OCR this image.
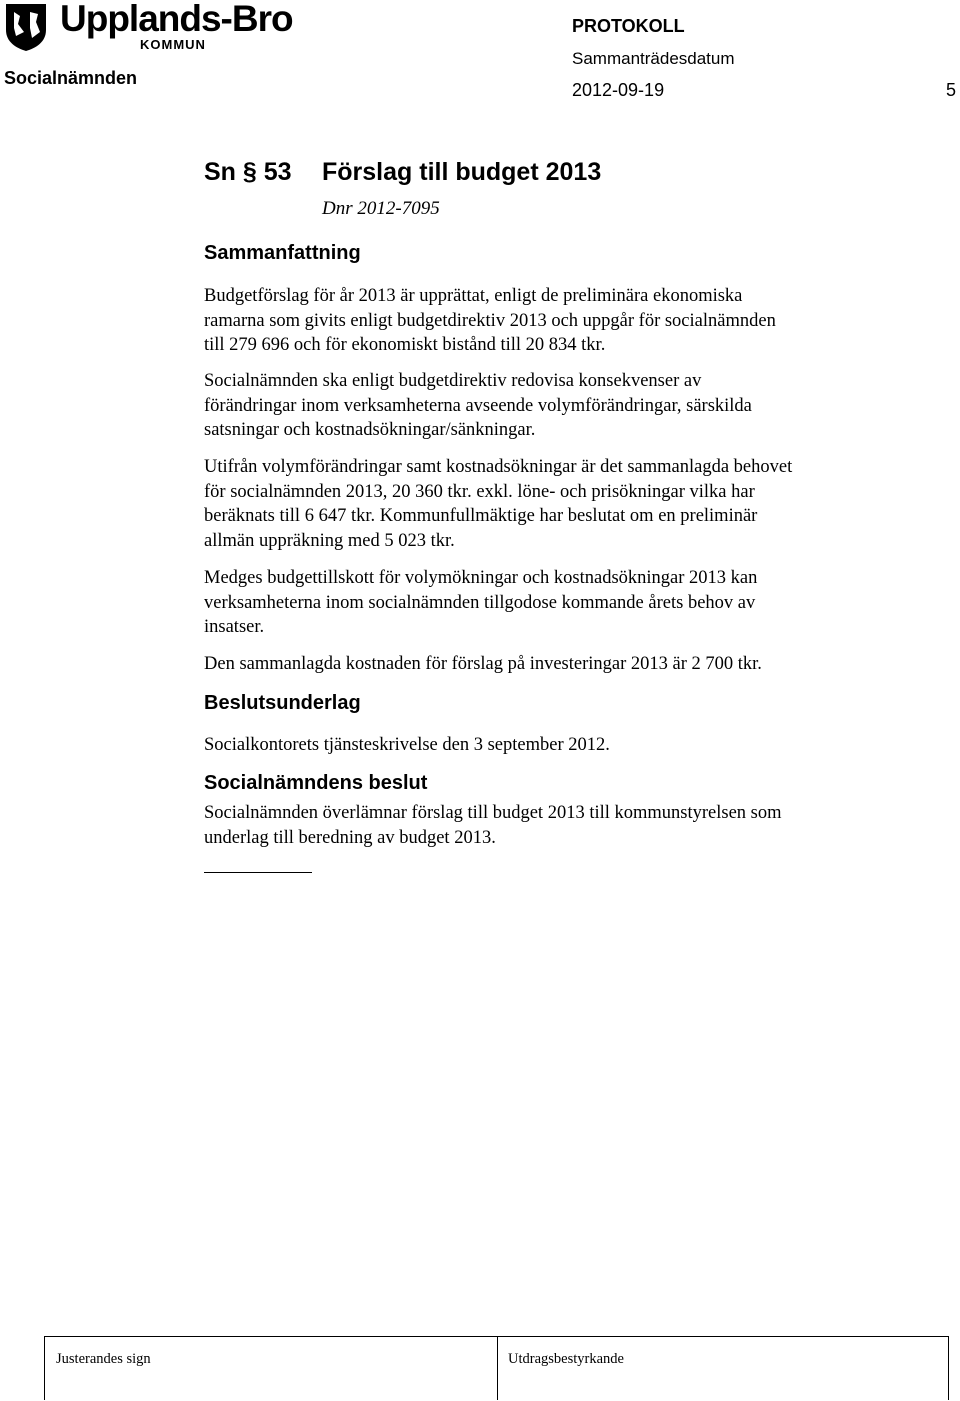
Upplands-Bro
KOMMUN
Socialnämnden
PROTOKOLL
Sammanträdesdatum
2012-09-19	5
Sn § 53 Förslag till budget 2013
Dnr 2012-7095
Sammanfattning
Budgetförslag för år 2013 är upprättat, enligt de preliminära ekonomiska
ramarna som givits enligt budgetdirektiv 2013 och uppgår för socialnämnden
till 279 696 och för ekonomiskt bistånd till 20 834 tkr.
Socialnämnden ska enligt budgetdirektiv redovisa konsekvenser av
förändringar inom verksamheterna avseende volymförändringar, särskilda
satsningar och kostnadsökningar/sänkningar.
Utifrån volymförändringar samt kostnadsökningar är det sammanlagda behovet
för socialnämnden 2013, 20 360 tkr. exkl. löne- och prisökningar vilka har
beräknats till 6 647 tkr. Kommunfullmäktige har beslutat om en preliminär
allmän uppräkning med 5 023 tkr.
Medges budgettillskott för volymökningar och kostnadsökningar 2013 kan
verksamheterna inom socialnämnden tillgodose kommande årets behov av
insatser.
Den sammanlagda kostnaden för förslag på investeringar 2013 är 2 700 tkr.
Beslutsunderlag
Socialkontorets tjänsteskrivelse den 3 september 2012.
Socialnämndens beslut
Socialnämnden överlämnar förslag till budget 2013 till kommunstyrelsen som
underlag till beredning av budget 2013.
Justerandes sign	Utdragsbestyrkande
